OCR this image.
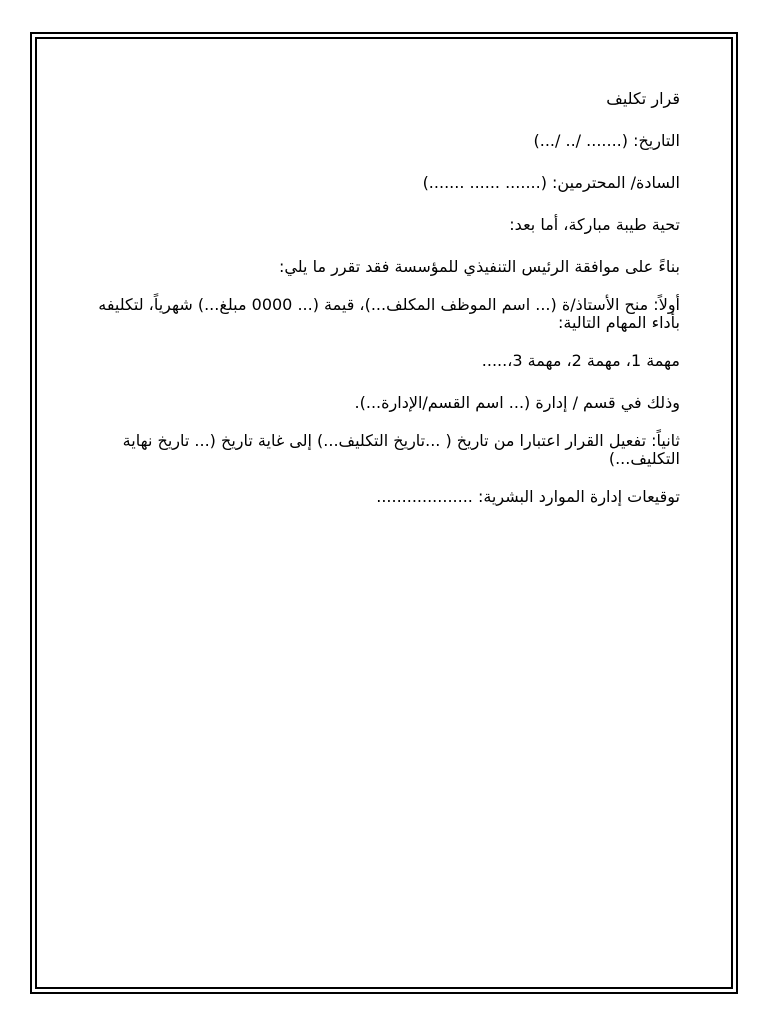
قرار تكليف

التاريخ: (....... /.. /...)

السادة/ المحترمين: (....... ...... .......)

تحية طيبة مباركة، أما بعد:

بناءً على موافقة الرئيس التنفيذي للمؤسسة فقد تقرر ما يلي:

أولاً: منح الأستاذ/ة (... اسم الموظف المكلف...)، قيمة (... 0000 مبلغ...) شهرياً، لتكليفه بأداء المهام التالية:

مهمة 1، مهمة 2، مهمة 3،.....

وذلك في قسم / إدارة (... اسم القسم/الإدارة...).

ثانياً: تفعيل القرار اعتبارا من تاريخ ( ...تاريخ التكليف...) إلى غاية تاريخ (... تاريخ نهاية التكليف...)

توقيعات إدارة الموارد البشرية: ...................
